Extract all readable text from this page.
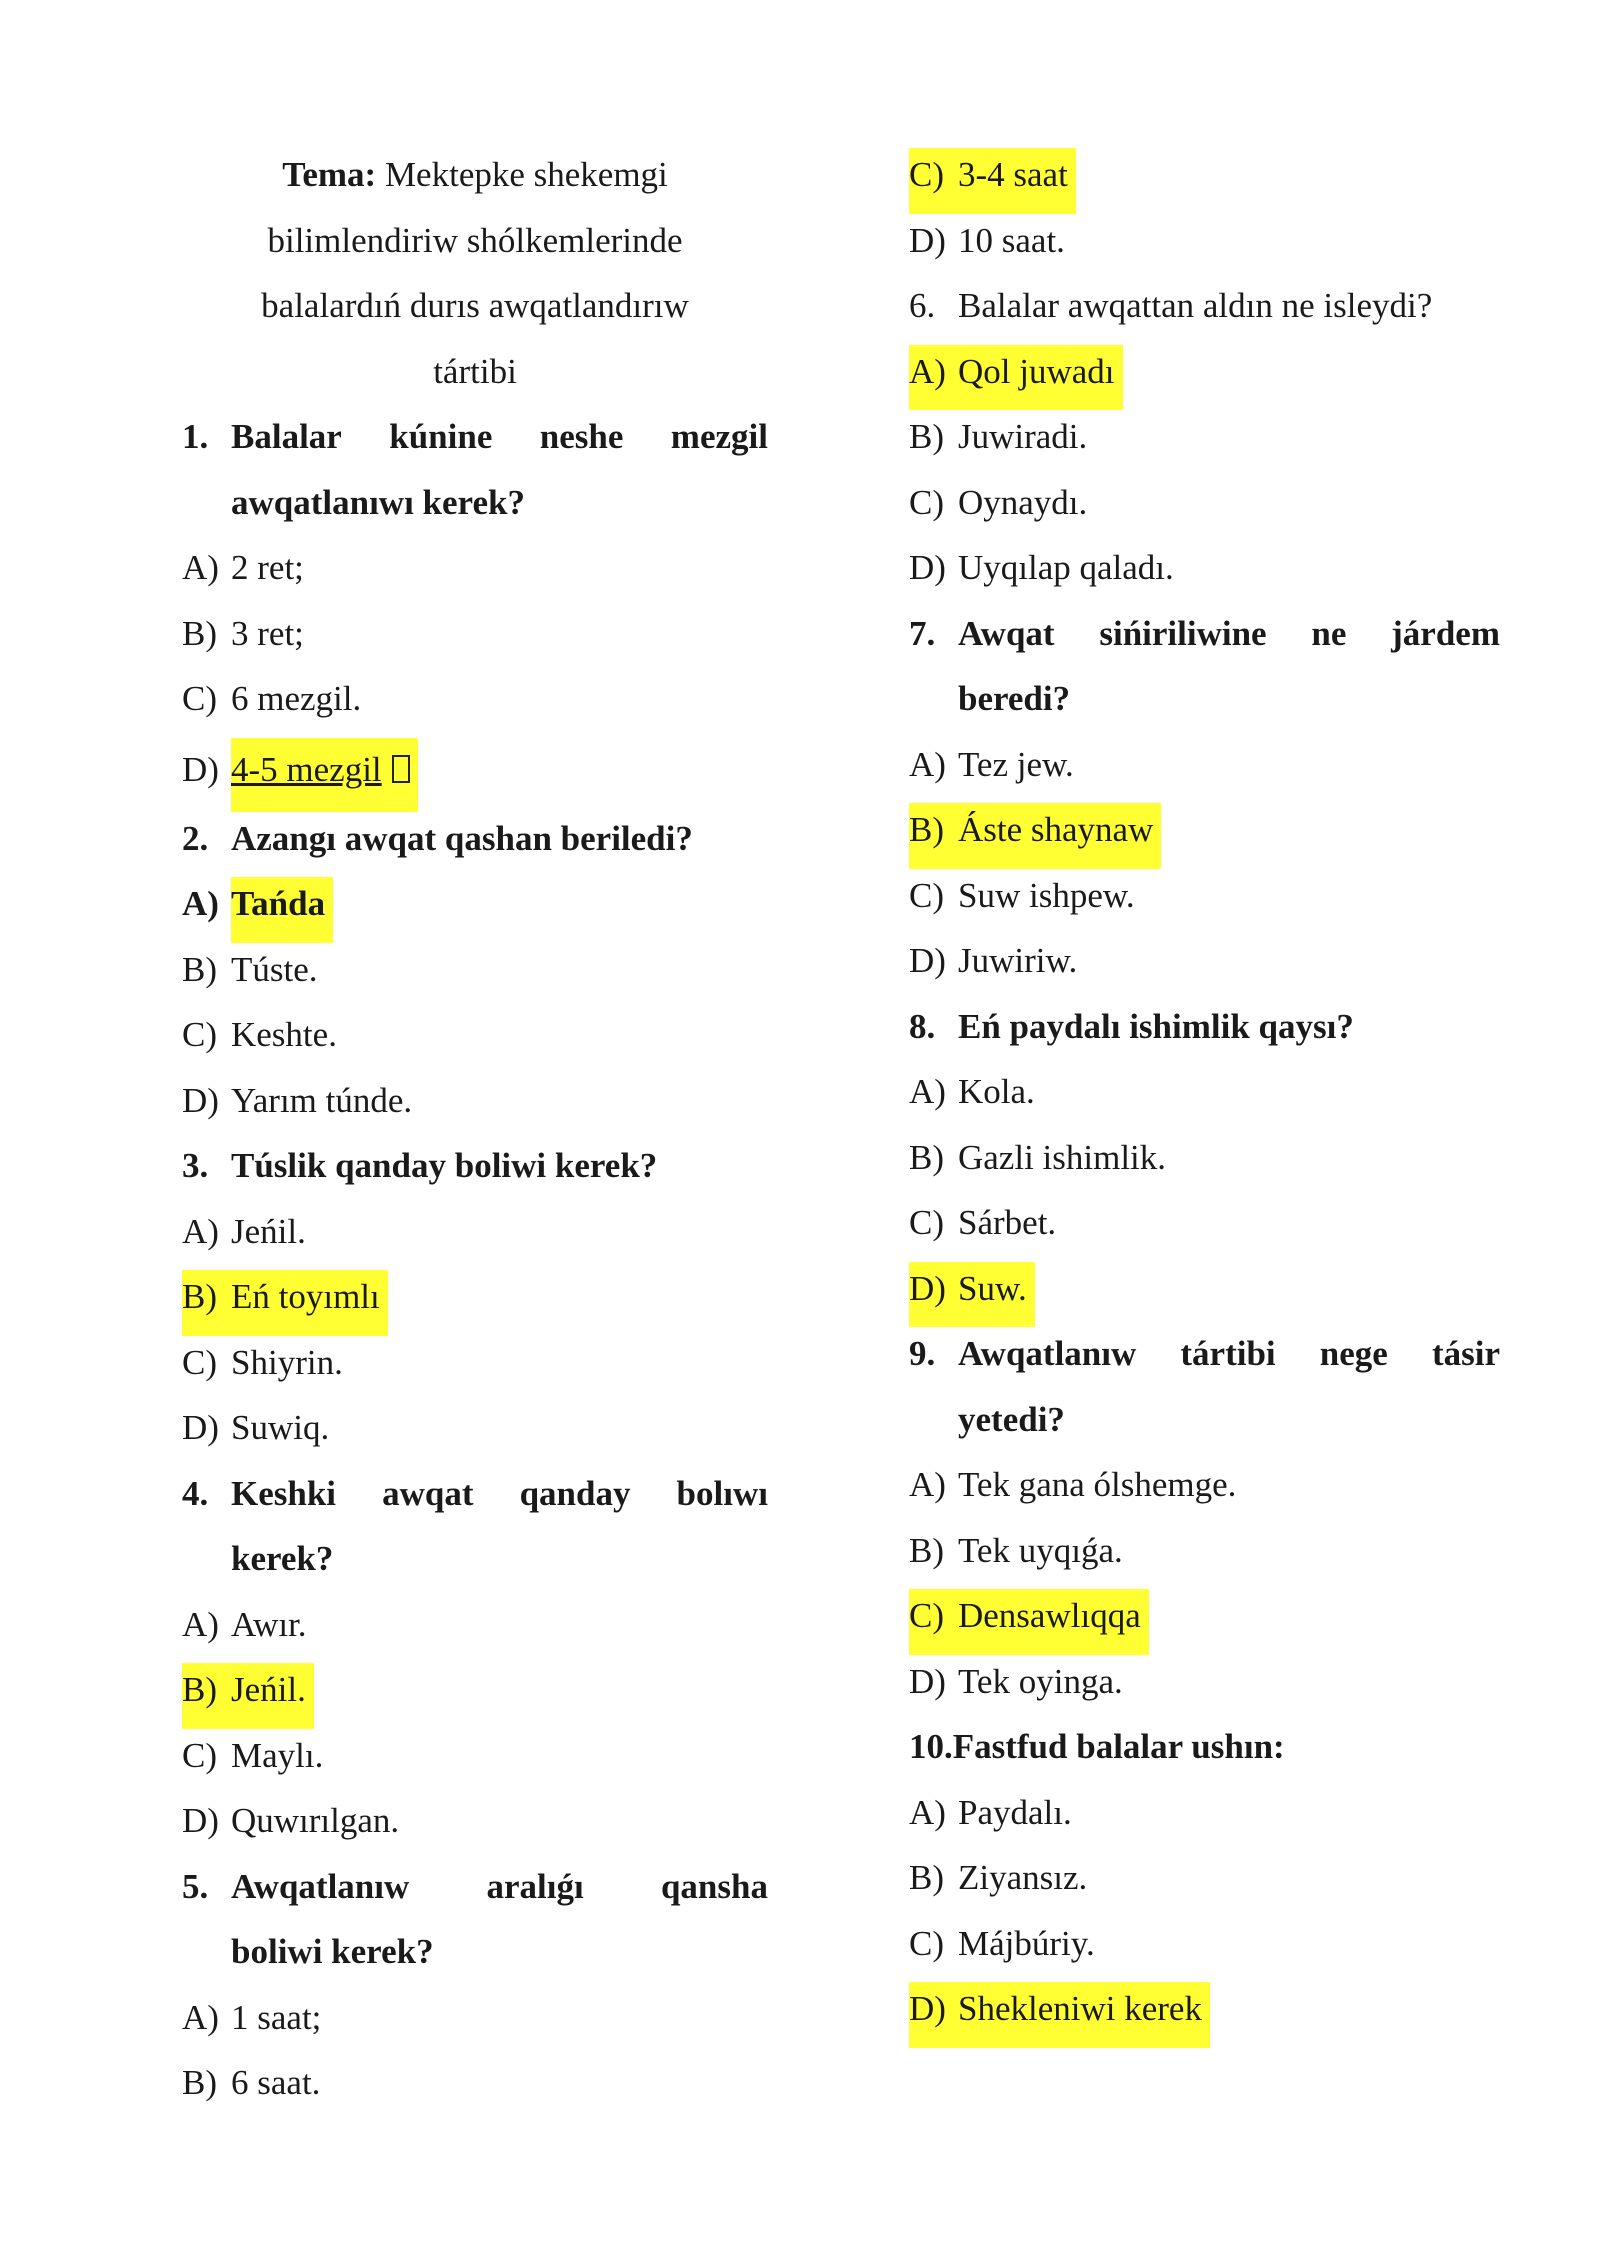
Tema: Mektepke shekemgi
bilimlendiriw shólkemlerinde
balalardıń durıs awqatlandırıw
tártibi
1. Balalar kúnine neshe mezgil
awqatlanıwı kerek?
A) 2 ret;
B) 3 ret;
C) 6 mezgil.
D) 4-5 mezgil
2. Azangı awqat qashan beriledi?
A) Tańda
B) Túste.
C) Keshte.
D) Yarım túnde.
3. Túslik qanday boliwi kerek?
A) Jeńil.
B) Eń toyımlı
C) Shiyrin.
D) Suwiq.
4. Keshki awqat qanday bolıwı
kerek?
A) Awır.
B) Jeńil.
C) Maylı.
D) Quwırılgan.
5. Awqatlanıw aralıǵı qansha
boliwi kerek?
A) 1 saat;
B) 6 saat.
C) 3-4 saat
D) 10 saat.
6. Balalar awqattan aldın ne isleydi?
A) Qol juwadı
B) Juwiradi.
C) Oynaydı.
D) Uyqılap qaladı.
7. Awqat sińiriliwine ne járdem
beredi?
A) Tez jew.
B) Áste shaynaw
C) Suw ishpew.
D) Juwiriw.
8. Eń paydalı ishimlik qaysı?
A) Kola.
B) Gazli ishimlik.
C) Sárbet.
D) Suw.
9. Awqatlanıw tártibi nege tásir
yetedi?
A) Tek gana ólshemge.
B) Tek uyqıǵa.
C) Densawlıqqa
D) Tek oyinga.
10. Fastfud balalar ushın:
A) Paydalı.
B) Ziyansız.
C) Májbúriy.
D) Shekleniwi kerek
